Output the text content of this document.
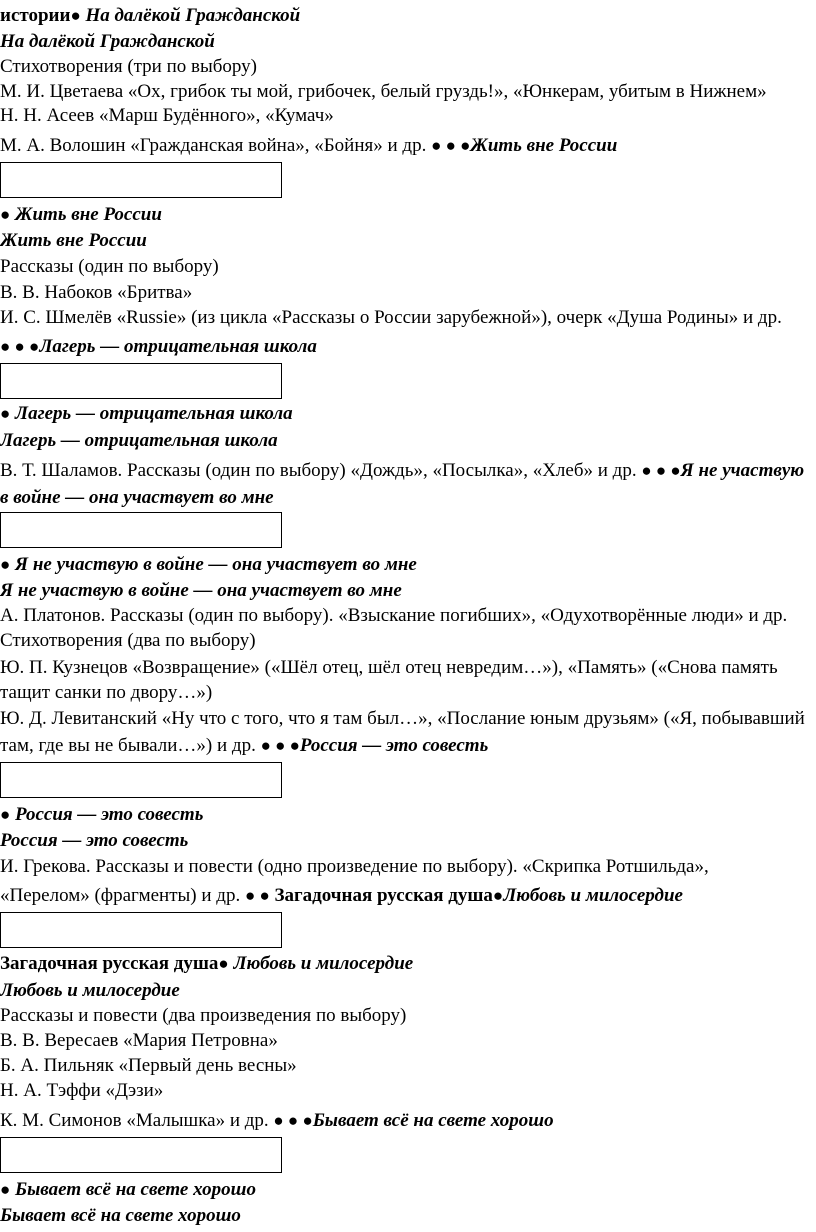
истории● На далёкой Гражданской
На далёкой Гражданской
Стихотворения (три по выбору)
М. И. Цветаева «Ох, грибок ты мой, грибочек, белый груздь!», «Юнкерам, убитым в Нижнем»
Н. Н. Асеев «Марш Будённого», «Кумач»
М. А. Волошин «Гражданская война», «Бойня» и др. ● ● ●Жить вне России
● Жить вне России
Жить вне России
Рассказы (один по выбору)
В. В. Набоков «Бритва»
И. С. Шмелёв «Russie» (из цикла «Рассказы о России зарубежной»), очерк «Душа Родины» и др.
● ● ●Лагерь — отрицательная школа
● Лагерь — отрицательная школа
Лагерь — отрицательная школа
В. Т. Шаламов. Рассказы (один по выбору) «Дождь», «Посылка», «Хлеб» и др. ● ● ●Я не участвую
в войне — она участвует во мне
● Я не участвую в войне — она участвует во мне
Я не участвую в войне — она участвует во мне
А. Платонов. Рассказы (один по выбору). «Взыскание погибших», «Одухотворённые люди» и др.
Стихотворения (два по выбору)
Ю. П. Кузнецов «Возвращение» («Шёл отец, шёл отец невредим…»), «Память» («Снова память
тащит санки по двору…»)
Ю. Д. Левитанский «Ну что с того, что я там был…», «Послание юным друзьям» («Я, побывавший
там, где вы не бывали…») и др. ● ● ●Россия — это совесть
● Россия — это совесть
Россия — это совесть
И. Грекова. Рассказы и повести (одно произведение по выбору). «Скрипка Ротшильда»,
«Перелом» (фрагменты) и др. ● ● Загадочная русская душа●Любовь и милосердие
Загадочная русская душа● Любовь и милосердие
Любовь и милосердие
Рассказы и повести (два произведения по выбору)
В. В. Вересаев «Мария Петровна»
Б. А. Пильняк «Первый день весны»
Н. А. Тэффи «Дэзи»
К. М. Симонов «Малышка» и др. ● ● ●Бывает всё на свете хорошо
● Бывает всё на свете хорошо
Бывает всё на свете хорошо
